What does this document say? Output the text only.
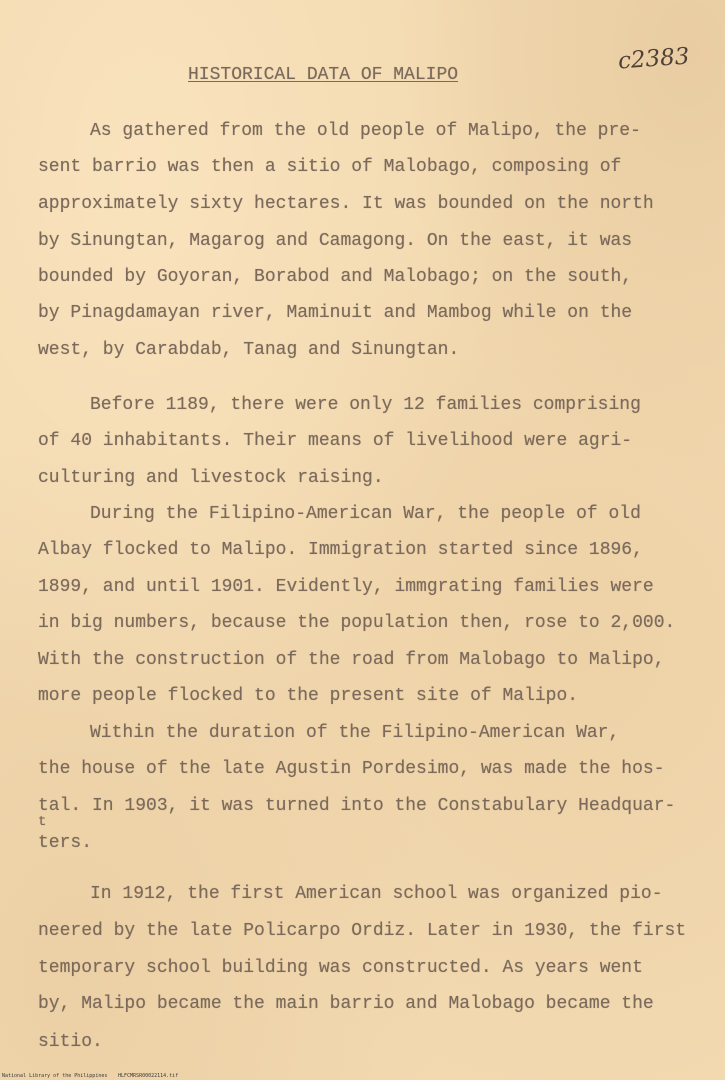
HISTORICAL DATA OF MALIPO
c2383
As gathered from the old people of Malipo, the pre-
sent barrio was then a sitio of Malobago, composing of
approximately sixty hectares. It was bounded on the north
by Sinungtan, Magarog and Camagong. On the east, it was
bounded by Goyoran, Borabod and Malobago; on the south,
by Pinagdamayan river, Maminuit and Mambog while on the
west, by Carabdab, Tanag and Sinungtan.
Before 1189, there were only 12 families comprising
of 40 inhabitants. Their means of livelihood were agri-
culturing and livestock raising.
During the Filipino-American War, the people of old
Albay flocked to Malipo. Immigration started since 1896,
1899, and until 1901. Evidently, immgrating families were
in big numbers, because the population then, rose to 2,000.
With the construction of the road from Malobago to Malipo,
more people flocked to the present site of Malipo.
Within the duration of the Filipino-American War,
the house of the late Agustin Pordesimo, was made the hos-
tal. In 1903, it was turned into the Constabulary Headquar-
t
ters.
In 1912, the first American school was organized pio-
neered by the late Policarpo Ordiz. Later in 1930, the first
temporary school building was constructed. As years went
by, Malipo became the main barrio and Malobago became the
sitio.
National Library of the Philippines HLFCMRSR00022114.tif
